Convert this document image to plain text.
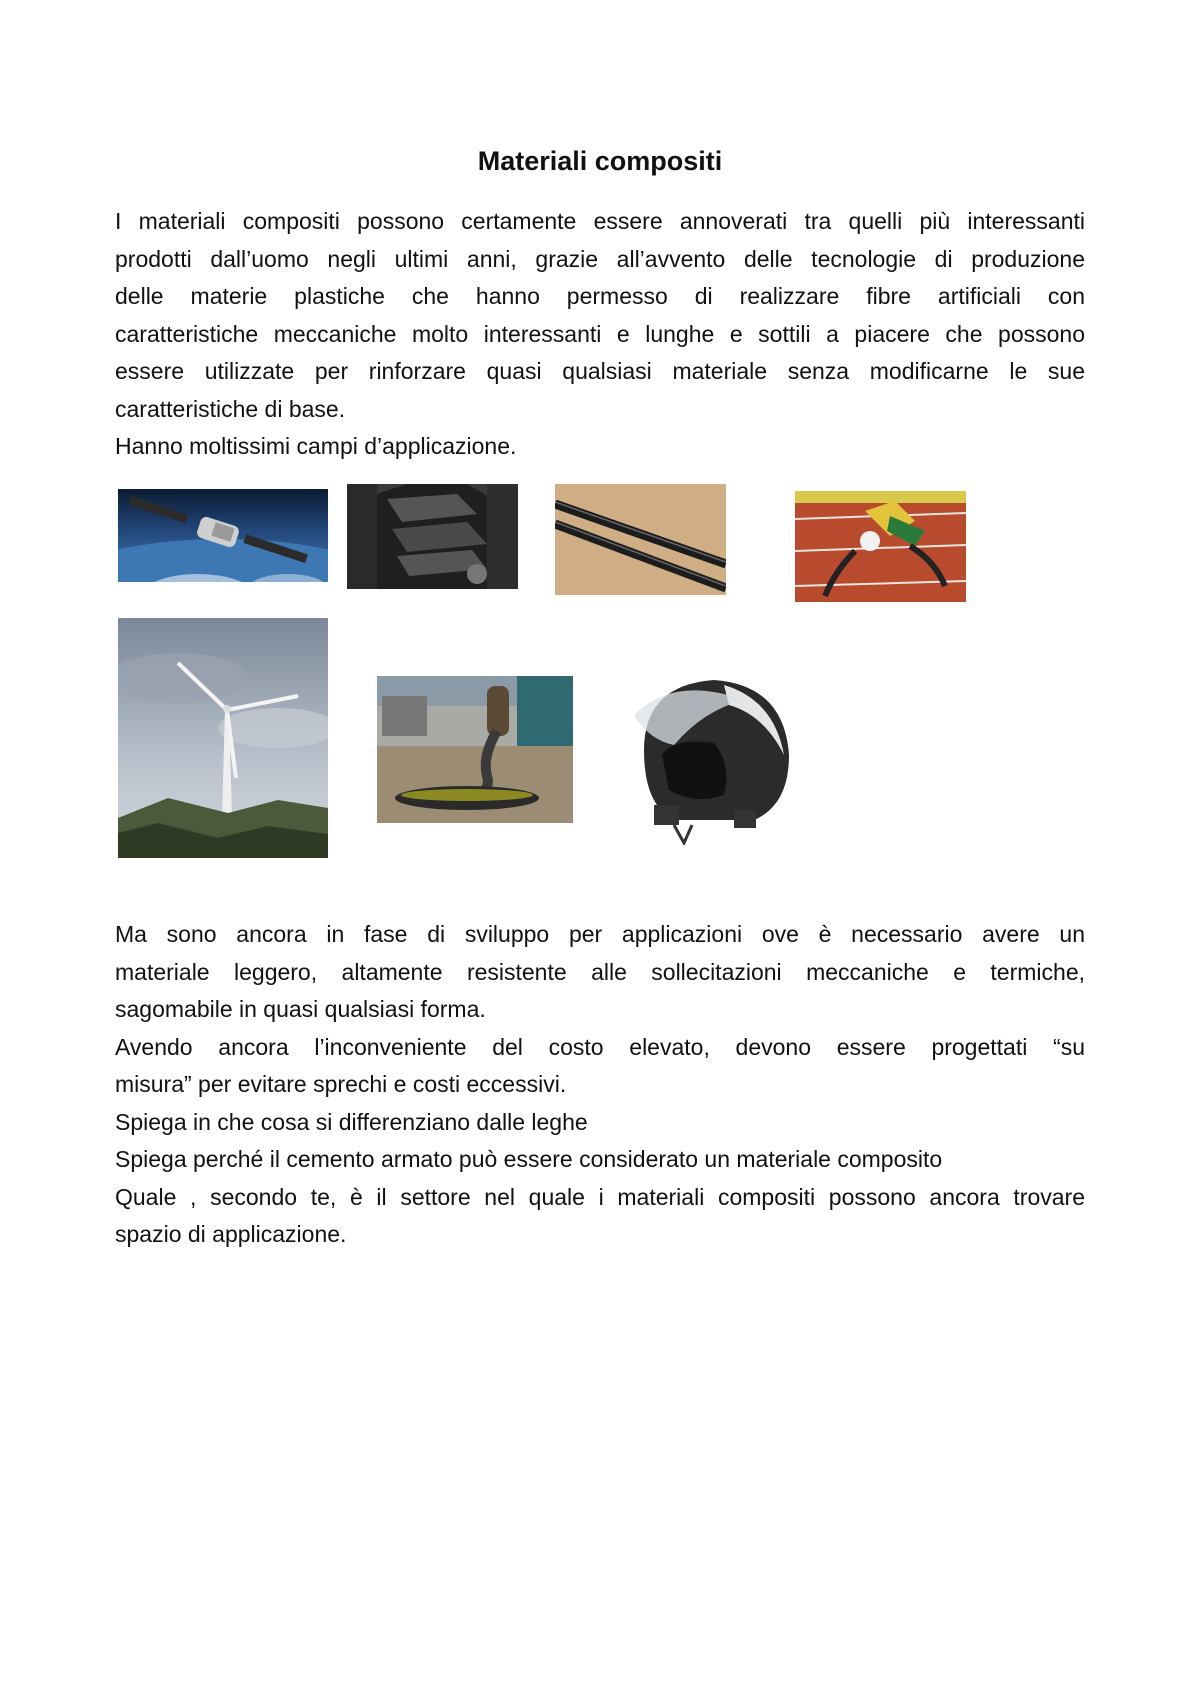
Materiali compositi

I materiali compositi possono certamente essere annoverati tra quelli più interessanti
prodotti dall’uomo negli ultimi anni, grazie all’avvento delle tecnologie di produzione
delle materie plastiche che hanno permesso di realizzare fibre artificiali con
caratteristiche meccaniche molto interessanti e lunghe e sottili a piacere che possono
essere utilizzate per rinforzare quasi qualsiasi materiale senza modificarne le sue
caratteristiche di base.
Hanno moltissimi campi d’applicazione.

Ma sono ancora in fase di sviluppo per applicazioni ove è necessario avere un
materiale leggero, altamente resistente alle sollecitazioni meccaniche e termiche,
sagomabile in quasi qualsiasi forma.
Avendo ancora l’inconveniente del costo elevato, devono essere progettati “su
misura” per evitare sprechi e costi eccessivi.
Spiega in che cosa si differenziano dalle leghe
Spiega perché il cemento armato può essere considerato un materiale composito
Quale , secondo te, è il settore nel quale i materiali compositi possono ancora trovare
spazio di applicazione.
